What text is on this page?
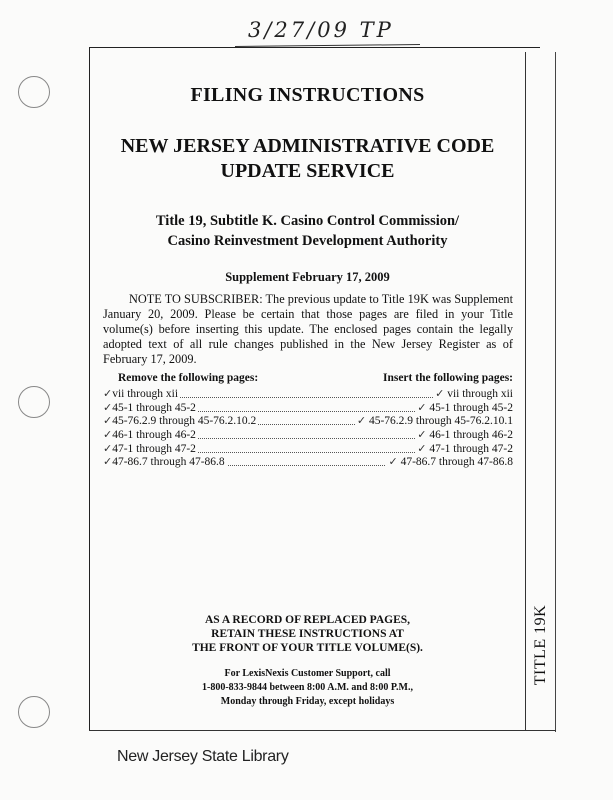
3/27/09 TP
FILING INSTRUCTIONS
NEW JERSEY ADMINISTRATIVE CODE
UPDATE SERVICE
Title 19, Subtitle K. Casino Control Commission/
Casino Reinvestment Development Authority
Supplement February 17, 2009
NOTE TO SUBSCRIBER: The previous update to Title 19K was Supplement January 20, 2009. Please be certain that those pages are filed in your Title volume(s) before inserting this update. The enclosed pages contain the legally adopted text of all rule changes published in the New Jersey Register as of February 17, 2009.
Remove the following pages:	Insert the following pages:
✓vii through xii	✓ vii through xii
✓45-1 through 45-2	✓ 45-1 through 45-2
✓45-76.2.9 through 45-76.2.10.2	✓ 45-76.2.9 through 45-76.2.10.1
✓46-1 through 46-2	✓ 46-1 through 46-2
✓47-1 through 47-2	✓ 47-1 through 47-2
✓47-86.7 through 47-86.8	✓ 47-86.7 through 47-86.8
AS A RECORD OF REPLACED PAGES,
RETAIN THESE INSTRUCTIONS AT
THE FRONT OF YOUR TITLE VOLUME(S).
For LexisNexis Customer Support, call
1-800-833-9844 between 8:00 A.M. and 8:00 P.M.,
Monday through Friday, except holidays
TITLE 19K
New Jersey State Library
